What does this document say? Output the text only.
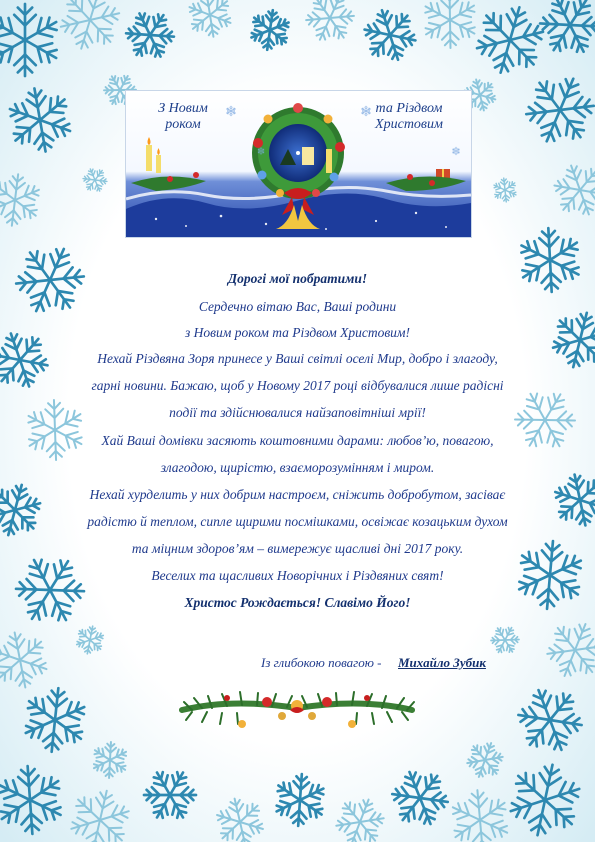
З Новим
роком
та Різдвом
Христовим
Дорогі мої побратими!
Сердечно вітаю Вас, Ваші родини
з Новим роком та Різдвом Христовим!
Нехай Різдвяна Зоря принесе у Ваші світлі оселі Мир, добро і злагоду,
гарні новини. Бажаю, щоб у Новому 2017 році відбувалися лише радісні
події та здійснювалися найзаповітніші мрії!
Хай Ваші домівки засяють коштовними дарами: любов’ю, повагою,
злагодою, щирістю, взаєморозумінням і миром.
Нехай хурделить у них добрим настроєм, сніжить добробутом, засіває
радістю й теплом, сипле щирими посмішками, освіжає козацьким духом
та міцним здоров’ям – вимережує щасливі дні 2017 року.
Веселих та щасливих Новорічних і Різдвяних свят!
Христос Рождається! Славімо Його!
Із глибокою повагою - Михайло Зубик
